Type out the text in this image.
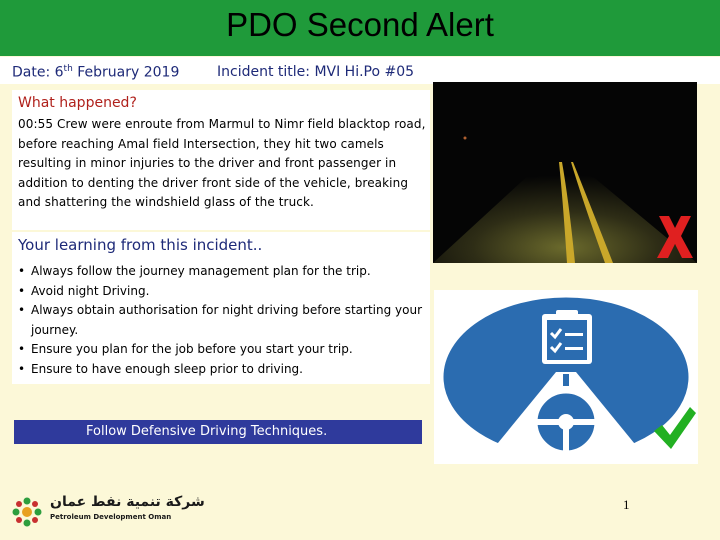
PDO Second Alert
Date: 6th February 2019	Incident title: MVI Hi.Po #05
What happened?
00:55 Crew were enroute from Marmul to Nimr field blacktop road, before reaching Amal field Intersection, they hit two camels resulting in minor injuries to the driver and front passenger in addition to denting the driver front side of the vehicle, breaking and shattering the windshield glass of the truck.
Your learning from this incident..
• Always follow the journey management plan for the trip.
• Avoid night Driving.
• Always obtain authorisation for night driving before starting your journey.
• Ensure you plan for the job before you start your trip.
• Ensure to have enough sleep prior to driving.
Follow Defensive Driving Techniques.
شركة تنمية نفط عمان
Petroleum Development Oman
1
